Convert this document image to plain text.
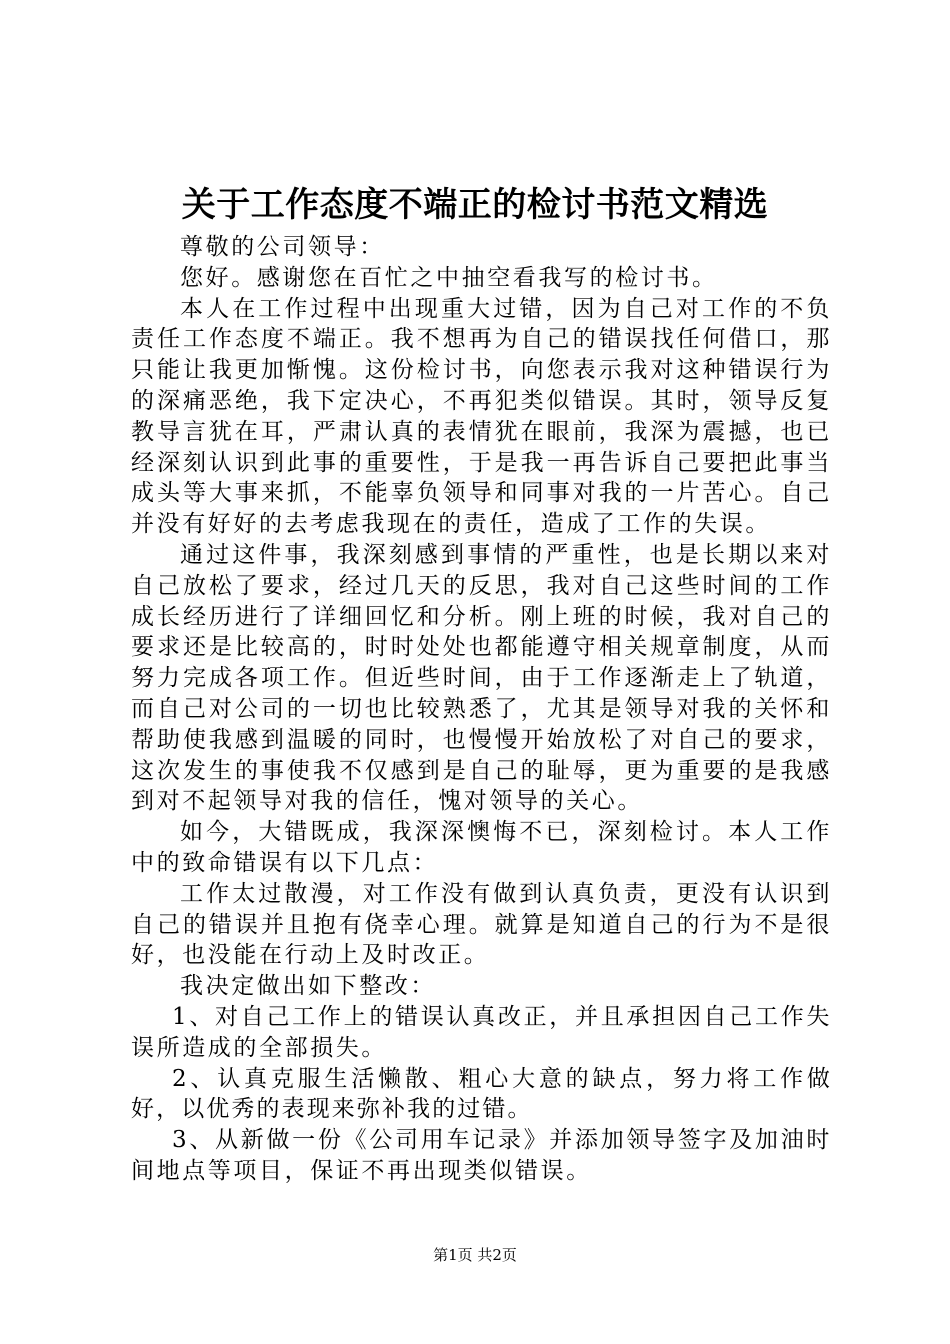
关于工作态度不端正的检讨书范文精选

尊敬的公司领导：

您好。感谢您在百忙之中抽空看我写的检讨书。

本人在工作过程中出现重大过错，因为自己对工作的不负责任工作态度不端正。我不想再为自己的错误找任何借口，那只能让我更加惭愧。这份检讨书，向您表示我对这种错误行为的深痛恶绝，我下定决心，不再犯类似错误。其时，领导反复教导言犹在耳，严肃认真的表情犹在眼前，我深为震撼，也已经深刻认识到此事的重要性，于是我一再告诉自己要把此事当成头等大事来抓，不能辜负领导和同事对我的一片苦心。自己并没有好好的去考虑我现在的责任，造成了工作的失误。

通过这件事，我深刻感到事情的严重性，也是长期以来对自己放松了要求，经过几天的反思，我对自己这些时间的工作成长经历进行了详细回忆和分析。刚上班的时候，我对自己的要求还是比较高的，时时处处也都能遵守相关规章制度，从而努力完成各项工作。但近些时间，由于工作逐渐走上了轨道，而自己对公司的一切也比较熟悉了，尤其是领导对我的关怀和帮助使我感到温暖的同时，也慢慢开始放松了对自己的要求，这次发生的事使我不仅感到是自己的耻辱，更为重要的是我感到对不起领导对我的信任，愧对领导的关心。

如今，大错既成，我深深懊悔不已，深刻检讨。本人工作中的致命错误有以下几点：

工作太过散漫，对工作没有做到认真负责，更没有认识到自己的错误并且抱有侥幸心理。就算是知道自己的行为不是很好，也没能在行动上及时改正。

我决定做出如下整改：

1、对自己工作上的错误认真改正，并且承担因自己工作失误所造成的全部损失。

2、认真克服生活懒散、粗心大意的缺点，努力将工作做好，以优秀的表现来弥补我的过错。

3、从新做一份《公司用车记录》并添加领导签字及加油时间地点等项目，保证不再出现类似错误。

第1页 共2页
